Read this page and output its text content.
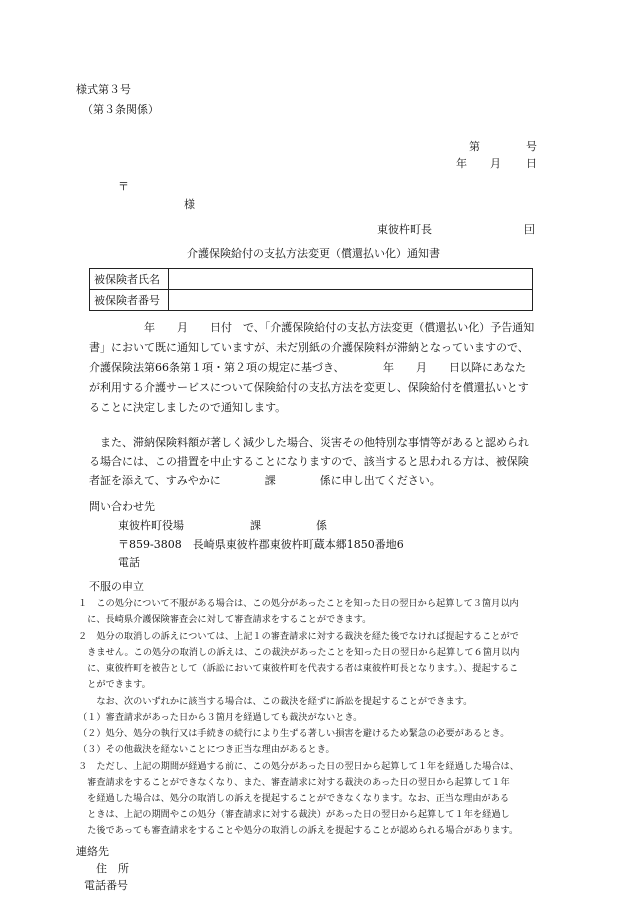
様式第３号
（第３条関係）
第	号
年 月 日
〒
様
東彼杵町長	囙
介護保険給付の支払方法変更（償還払い化）通知書
被保険者氏名	
被保険者番号	
　　　　　年　　月　　日付　で、「介護保険給付の支払方法変更（償還払い化）予告通知
書」において既に通知していますが、未だ別紙の介護保険料が滞納となっていますので、
介護保険法第66条第１項・第２項の規定に基づき、　　　　年　　月　　日以降にあなた
が利用する介護サービスについて保険給付の支払方法を変更し、保険給付を償還払いとす
ることに決定しましたので通知します。
　また、滞納保険料額が著しく減少した場合、災害その他特別な事情等があると認められ
る場合には、この措置を中止することになりますので、該当すると思われる方は、被保険
者証を添えて、すみやかに　　　　課　　　　係に申し出てください。
問い合わせ先
東彼杵町役場　　　　　　課　　　　　係
〒859-3808　長崎県東彼杵郡東彼杵町蔵本郷1850番地6
電話
不服の申立
１　この処分について不服がある場合は、この処分があったことを知った日の翌日から起算して３箇月以内
　に、長崎県介護保険審査会に対して審査請求をすることができます。
２　処分の取消しの訴えについては、上記１の審査請求に対する裁決を経た後でなければ提起することがで
　きません。この処分の取消しの訴えは、この裁決があったことを知った日の翌日から起算して６箇月以内
　に、東彼杵町を被告として（訴訟において東彼杵町を代表する者は東彼杵町長となります。）、提起するこ
　とができます。
　　なお、次のいずれかに該当する場合は、この裁決を経ずに訴訟を提起することができます。
（１）審査請求があった日から３箇月を経過しても裁決がないとき。
（２）処分、処分の執行又は手続きの続行により生ずる著しい損害を避けるため緊急の必要があるとき。
（３）その他裁決を経ないことにつき正当な理由があるとき。
３　ただし、上記の期間が経過する前に、この処分があった日の翌日から起算して１年を経過した場合は、
　審査請求をすることができなくなり、また、審査請求に対する裁決のあった日の翌日から起算して１年
　を経過した場合は、処分の取消しの訴えを提起することができなくなります。なお、正当な理由がある
　ときは、上記の期間やこの処分（審査請求に対する裁決）があった日の翌日から起算して１年を経過し
　た後であっても審査請求をすることや処分の取消しの訴えを提起することが認められる場合があります。
連絡先
住　所
電話番号
